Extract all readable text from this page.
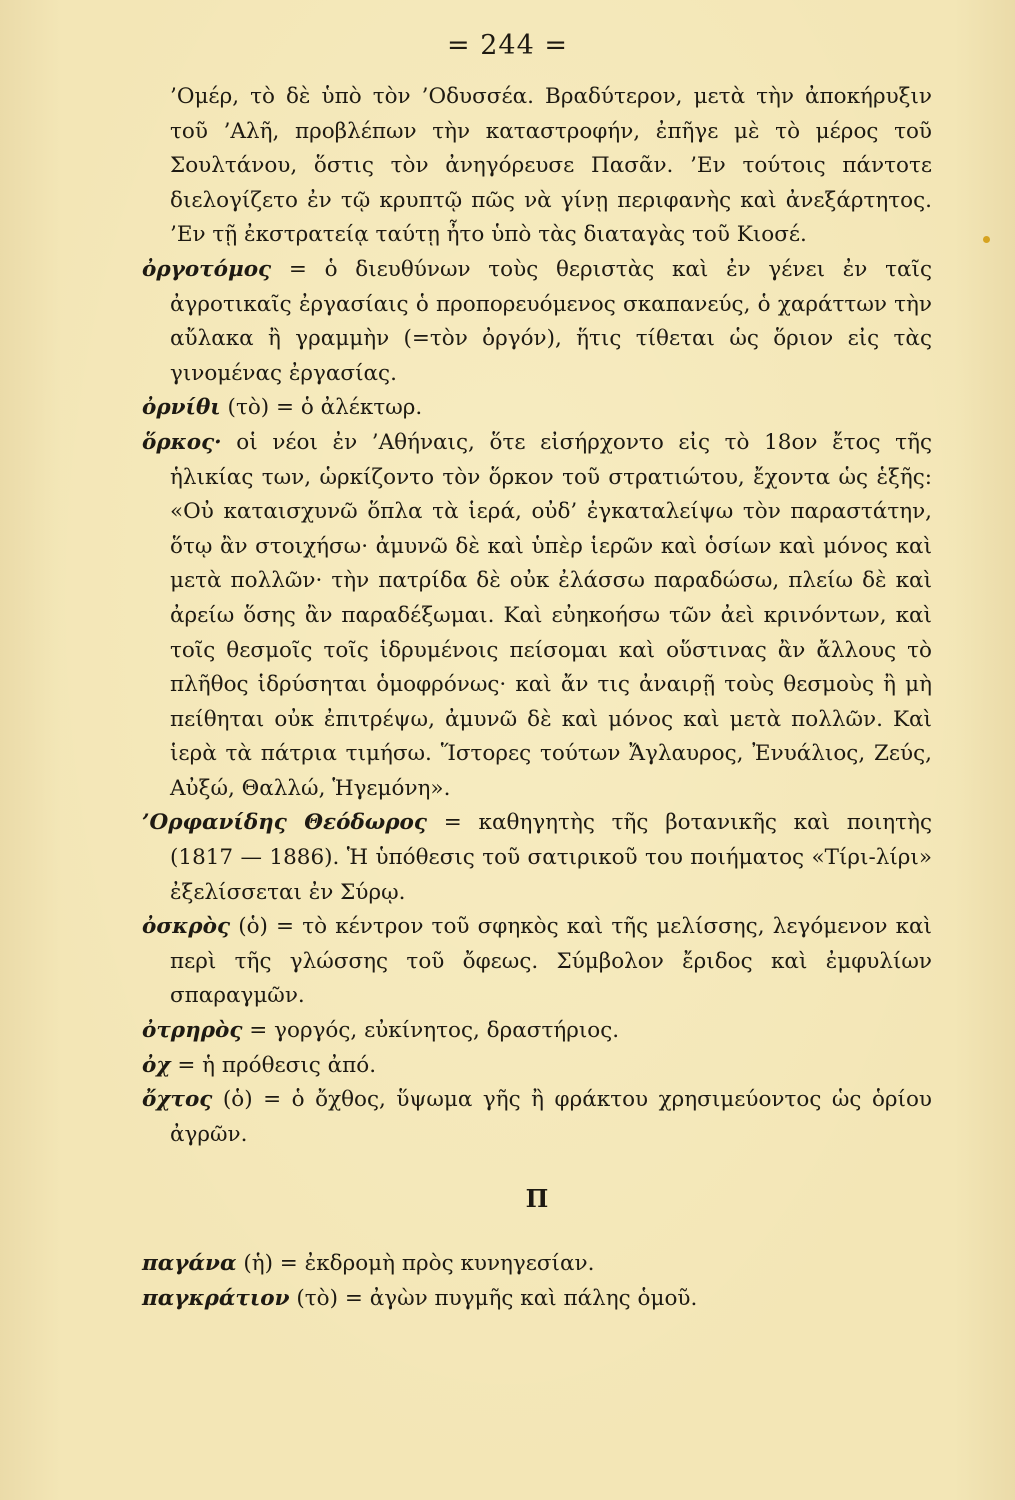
= 244 =

’Ομέρ, τὸ δὲ ὑπὸ τὸν ’Οδυσσέα. Βραδύτερον, μετὰ τὴν ἀποκήρυξιν τοῦ ’Αλῆ, προβλέπων τὴν καταστροφήν, ἐπῆγε μὲ τὸ μέρος τοῦ Σουλτάνου, ὅστις τὸν ἀνηγόρευσε Πασᾶν. ’Εν τούτοις πάντοτε διελογίζετο ἐν τῷ κρυπτῷ πῶς νὰ γίνῃ περιφανὴς καὶ ἀνεξάρτητος. ’Εν τῇ ἐκστρατείᾳ ταύτῃ ἦτο ὑπὸ τὰς διαταγὰς τοῦ Κιοσέ.

ὀργοτόμος = ὁ διευθύνων τοὺς θεριστὰς καὶ ἐν γένει ἐν ταῖς ἀγροτικαῖς ἐργασίαις ὁ προπορευόμενος σκαπανεύς, ὁ χαράττων τὴν αὔλακα ἢ γραμμὴν (=τὸν ὀργόν), ἥτις τίθεται ὡς ὅριον εἰς τὰς γινομένας ἐργασίας.

ὀρνίθι (τὸ) = ὁ ἀλέκτωρ.

ὅρκος· οἱ νέοι ἐν ’Αθήναις, ὅτε εἰσήρχοντο εἰς τὸ 18ον ἔτος τῆς ἡλικίας των, ὡρκίζοντο τὸν ὅρκον τοῦ στρατιώτου, ἔχοντα ὡς ἑξῆς: «Οὐ καταισχυνῶ ὅπλα τὰ ἱερά, οὐδ’ ἐγκαταλείψω τὸν παραστάτην, ὅτῳ ἂν στοιχήσω· ἀμυνῶ δὲ καὶ ὑπὲρ ἱερῶν καὶ ὁσίων καὶ μόνος καὶ μετὰ πολλῶν· τὴν πατρίδα δὲ οὐκ ἐλάσσω παραδώσω, πλείω δὲ καὶ ἀρείω ὅσης ἂν παραδέξωμαι. Καὶ εὐηκοήσω τῶν ἀεὶ κρινόντων, καὶ τοῖς θεσμοῖς τοῖς ἱδρυμένοις πείσομαι καὶ οὕστινας ἂν ἄλλους τὸ πλῆθος ἱδρύσηται ὁμοφρόνως· καὶ ἄν τις ἀναιρῇ τοὺς θεσμοὺς ἢ μὴ πείθηται οὐκ ἐπιτρέψω, ἀμυνῶ δὲ καὶ μόνος καὶ μετὰ πολλῶν. Καὶ ἱερὰ τὰ πάτρια τιμήσω. Ἵστορες τούτων Ἄγλαυρος, Ἐνυάλιος, Ζεύς, Αὐξώ, Θαλλώ, Ἡγεμόνη».

’Ορφανίδης Θεόδωρος = καθηγητὴς τῆς βοτανικῆς καὶ ποιητὴς (1817 — 1886). Ἡ ὑπόθεσις τοῦ σατιρικοῦ του ποιήματος «Τίρι-λίρι» ἐξελίσσεται ἐν Σύρῳ.

ὀσκρὸς (ὁ) = τὸ κέντρον τοῦ σφηκὸς καὶ τῆς μελίσσης, λεγόμενον καὶ περὶ τῆς γλώσσης τοῦ ὄφεως. Σύμβολον ἔριδος καὶ ἐμφυλίων σπαραγμῶν.

ὀτρηρὸς = γοργός, εὐκίνητος, δραστήριος.

ὀχ = ἡ πρόθεσις ἀπό.

ὄχτος (ὁ) = ὁ ὄχθος, ὕψωμα γῆς ἢ φράκτου χρησιμεύοντος ὡς ὁρίου ἀγρῶν.

Π

παγάνα (ἡ) = ἐκδρομὴ πρὸς κυνηγεσίαν.

παγκράτιον (τὸ) = ἀγὼν πυγμῆς καὶ πάλης ὁμοῦ.
